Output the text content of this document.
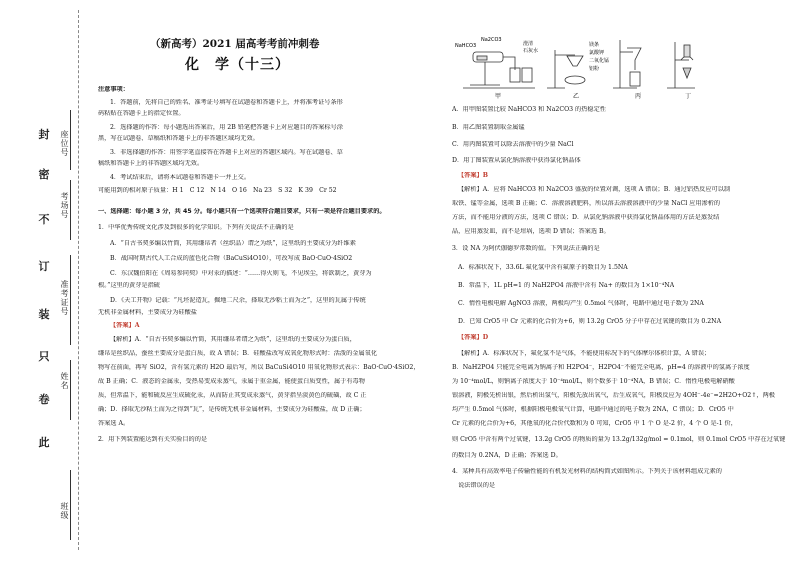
座位号
考场号
准考证号
姓名
班级
封
密
不
订
装
只
卷
此
（新高考）2021 届高考考前冲刺卷
化　学（十三）
注意事项：
1．答题前，先将自己的姓名、准考证号填写在试题卷和答题卡上，并将准考证号条形
码粘贴在答题卡上的指定位置。
2．选择题的作答：每小题选出答案后，用 2B 铅笔把答题卡上对应题目的答案标号涂
黑，写在试题卷、草稿纸和答题卡上的非答题区域均无效。
3．非选择题的作答：用签字笔直接答在答题卡上对应的答题区域内。写在试题卷、草
稿纸和答题卡上的非答题区域均无效。
4．考试结束后，请将本试题卷和答题卡一并上交。
可能用到的相对原子质量：H 1　C 12　N 14　O 16　Na 23　S 32　K 39　Cr 52
一、选择题：每小题 3 分，共 45 分。每小题只有一个选项符合题目要求，只有一项是符合题目要求的。
1．中华优秀传统文化涉及到很多的化学知识。下列有关说法不正确的是
A．“自古书契多编以竹简，其用缣帛者（丝织品）谓之为纸”，这里纸的主要成分为纤维素
B．战国时期古代人工合成的蓝色化合物（BaCuSi4O10），可改写成 BaO·CuO·4SiO2
C．东汉魏伯阳在《周易参同契》中对汞的描述：“……得火则飞，不见埃尘，将欲制之，黄芽为
根。”这里的黄芽是指硫
D．《天工开物》记载：“凡坯泥造瓦，掘地二尺余，择取无沙粘土而为之”，这里的瓦属于传统
无机非金属材料，主要成分为硅酸盐
【答案】A
【解析】A．“自古书契多编以竹简，其用缣帛者谓之为纸”，这里纸的主要成分为蛋白质，
缣帛是丝织品，蚕丝主要成分是蛋白质，故 A 错误；B．硅酸盐改写成氧化物形式时：活泼的金属氧化
物写在前面，再写 SiO2，含有氢元素的 H2O 最后写，所以 BaCuSi4O10 用氧化物形式表示：BaO·CuO·4SiO2，
故 B 正确；C．液态的金属汞，受热易变成汞蒸气，汞属于重金属，能使蛋白质变性，属于有毒物
质，但常温下，能和硫反应生成硫化汞，从而防止其变成汞蒸气，黄芽指呈淡黄色的硫磺，故 C 正
确；D．择取无沙粘土而为之得到“瓦”，是传统无机非金属材料，主要成分为硅酸盐，故 D 正确；
答案选 A。
2．用下列装置能达到有关实验目的的是
NaHCO3
Na2CO3
澄清
石灰水
甲
镁条
氯酸钾
二氧化锰
铝粉
乙	丙	丁
A．用甲图装置比较 NaHCO3 和 Na2CO3 的热稳定性
B．用乙图装置制取金属锰
C．用丙图装置可以除去溶液中的少量 NaCl
D．用丁图装置从氯化钠溶液中获得氯化钠晶体
【答案】B
【解析】A．应将 NaHCO3 和 Na2CO3 盛放的位置对调，选项 A 错误；B．通过铝热反应可以制
取铁、锰等金属，选项 B 正确；C．溶液溶液肥料，所以溶去溶液溶液中的少量 NaCl 应用渗析的
方法，而不能用分液的方法，选项 C 错误；D．从氯化钠溶液中获得氯化钠晶体用的方法是蒸发结
晶，应用蒸发皿，而不是坩埚，选项 D 错误；答案选 B。
3．设 NA 为阿伏伽德罗常数的值。下列说法正确的是
A．标准状况下，33.6L 氟化氢中含有氟原子的数目为 1.5NA
B．常温下，1L pH=1 的 NaH2PO4 溶液中含有 Na+ 的数目为 1×10⁻⁴NA
C．惰性电极电解 AgNO3 溶液，两极均产生 0.5mol 气体时，电路中通过电子数为 2NA
D．已知 CrO5 中 Cr 元素的化合价为+6，则 13.2g CrO5 分子中存在过氧键的数目为 0.2NA
【答案】D
【解析】A．标准状况下，氟化氢不是气体，不能使用标况下的气体摩尔体积计算，A 错误；
B．NaH2PO4 只能完全电离为钠离子和 H2PO4⁻，H2PO4⁻不能完全电离，pH=4 的溶液中的氢离子浓度
为 10⁻⁴mol/L，则钠离子浓度大于 10⁻⁴mol/L，则个数多于 10⁻⁴NA，B 错误；C．惰性电极电解硝酸
银溶液，阴极先析出银，然后析出氢气，阳极先放出氧气，后生成氧气，阳极反应为 4OH⁻-4e⁻=2H2O+O2↑，两极
均产生 0.5mol 气体时，根据阳极电极氧气计算，电路中通过的电子数为 2NA，C 错误；D．CrO5 中
Cr 元素的化合价为+6，其他氧的化合价代数和为 0 可知，CrO5 中 1 个 O 是-2 价，4 个 O 是-1 价，
则 CrO5 中含有两个过氧键，13.2g CrO5 的物质的量为 13.2g/132g/mol = 0.1mol，则 0.1mol CrO5 中存在过氧键
的数目为 0.2NA，D 正确；答案选 D。
4．某种具有高效率电子传输性能的有机发光材料的结构简式如图所示。下列关于该材料组成元素的
说法错误的是
